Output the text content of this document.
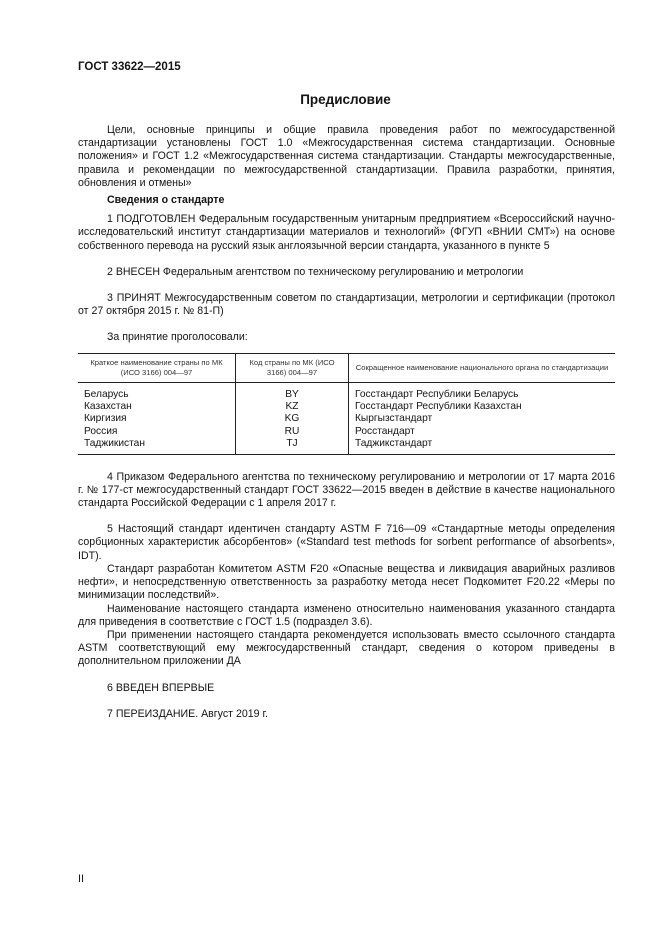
ГОСТ 33622—2015
Предисловие

Цели, основные принципы и общие правила проведения работ по межгосударственной стандартизации установлены ГОСТ 1.0 «Межгосударственная система стандартизации. Основные положения» и ГОСТ 1.2 «Межгосударственная система стандартизации. Стандарты межгосударственные, правила и рекомендации по межгосударственной стандартизации. Правила разработки, принятия, обновления и отмены»

Сведения о стандарте

1 ПОДГОТОВЛЕН Федеральным государственным унитарным предприятием «Всероссийский научно-исследовательский институт стандартизации материалов и технологий» (ФГУП «ВНИИ СМТ») на основе собственного перевода на русский язык англоязычной версии стандарта, указанного в пункте 5

2 ВНЕСЕН Федеральным агентством по техническому регулированию и метрологии

3 ПРИНЯТ Межгосударственным советом по стандартизации, метрологии и сертификации (протокол от 27 октября 2015 г. № 81-П)

За принятие проголосовали:

Краткое наименование страны по МК (ИСО 3166) 004—97	Код страны по МК (ИСО 3166) 004—97	Сокращенное наименование национального органа по стандартизации
Беларусь	BY	Госстандарт Республики Беларусь
Казахстан	KZ	Госстандарт Республики Казахстан
Киргизия	KG	Кыргызстандарт
Россия	RU	Росстандарт
Таджикистан	TJ	Таджикстандарт

4 Приказом Федерального агентства по техническому регулированию и метрологии от 17 марта 2016 г. № 177-ст межгосударственный стандарт ГОСТ 33622—2015 введен в действие в качестве национального стандарта Российской Федерации с 1 апреля 2017 г.

5 Настоящий стандарт идентичен стандарту ASTM F 716—09 «Стандартные методы определения сорбционных характеристик абсорбентов» («Standard test methods for sorbent performance of absorbents», IDT).

Стандарт разработан Комитетом ASTM F20 «Опасные вещества и ликвидация аварийных разливов нефти», и непосредственную ответственность за разработку метода несет Подкомитет F20.22 «Меры по минимизации последствий».

Наименование настоящего стандарта изменено относительно наименования указанного стандарта для приведения в соответствие с ГОСТ 1.5 (подраздел 3.6).

При применении настоящего стандарта рекомендуется использовать вместо ссылочного стандарта ASTM соответствующий ему межгосударственный стандарт, сведения о котором приведены в дополнительном приложении ДА

6 ВВЕДЕН ВПЕРВЫЕ

7 ПЕРЕИЗДАНИЕ. Август 2019 г.

II
